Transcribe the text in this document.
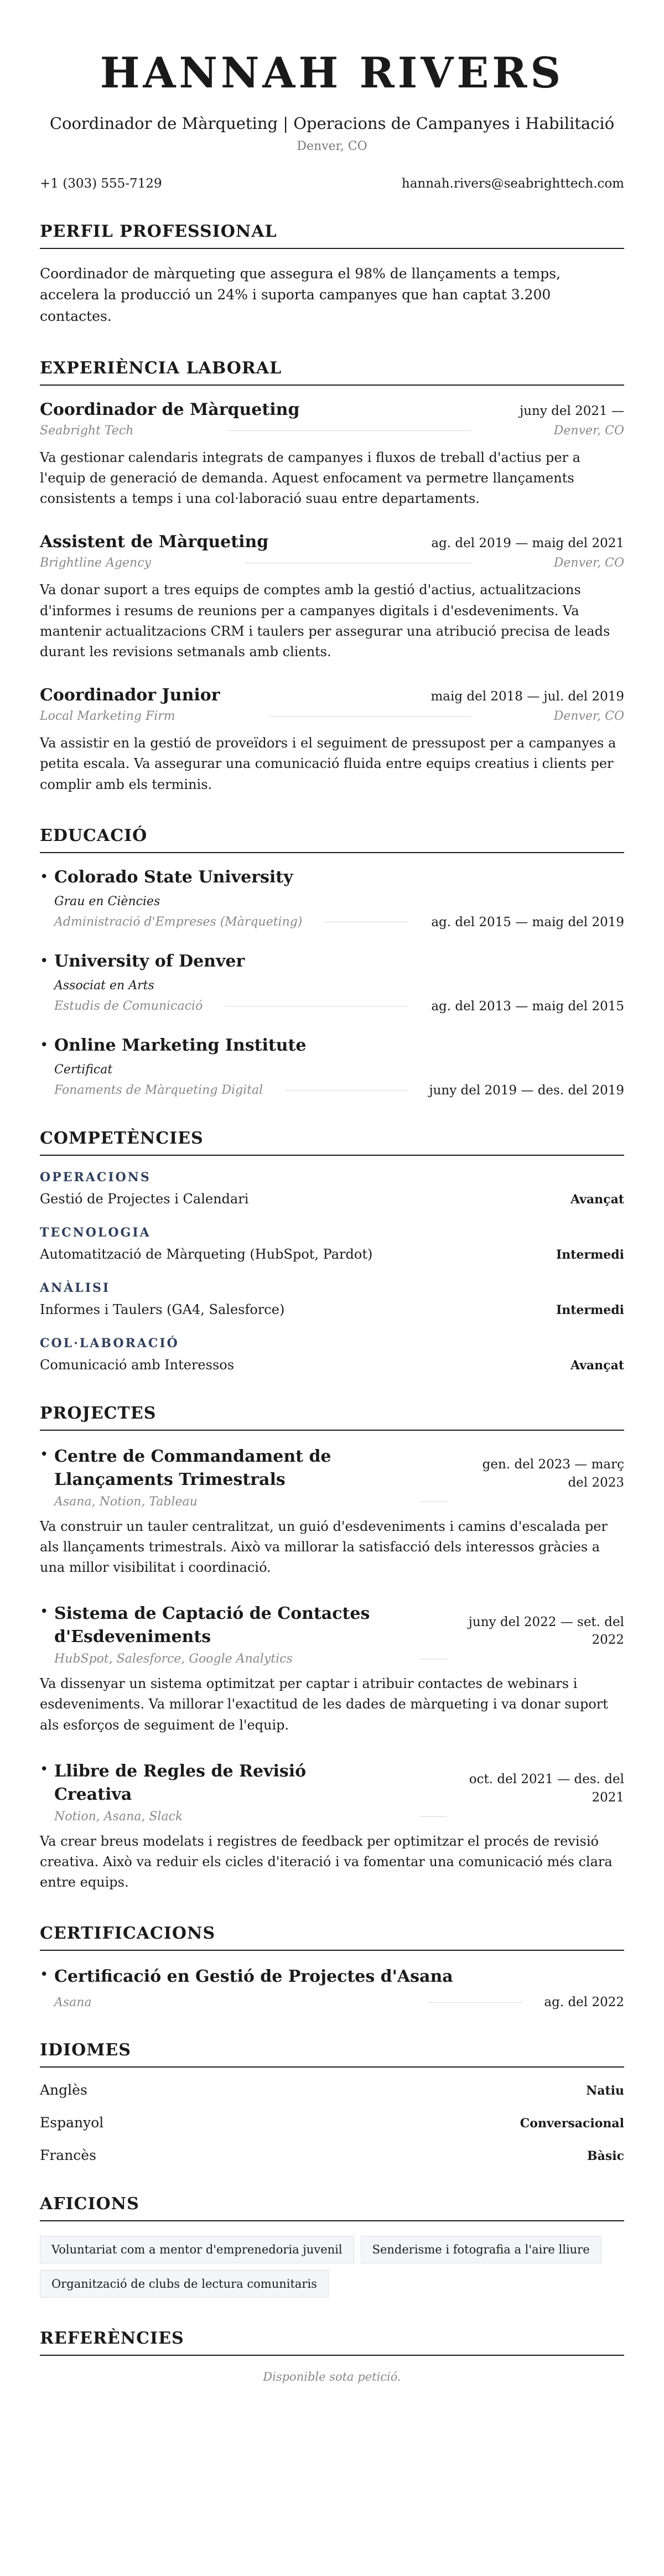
HANNAH RIVERS
Coordinador de Màrqueting | Operacions de Campanyes i Habilitació
Denver, CO
+1 (303) 555-7129	hannah.rivers@seabrighttech.com
PERFIL PROFESSIONAL

Coordinador de màrqueting que assegura el 98% de llançaments a temps, accelera la producció un 24% i suporta campanyes que han captat 3.200 contactes.

EXPERIÈNCIA LABORAL
Coordinador de Màrqueting	juny del 2021 —
Seabright Tech	Denver, CO

Va gestionar calendaris integrats de campanyes i fluxos de treball d'actius per a l'equip de generació de demanda. Aquest enfocament va permetre llançaments consistents a temps i una col·laboració suau entre departaments.

Assistent de Màrqueting	ag. del 2019 — maig del 2021
Brightline Agency	Denver, CO

Va donar suport a tres equips de comptes amb la gestió d'actius, actualitzacions d'informes i resums de reunions per a campanyes digitals i d'esdeveniments. Va mantenir actualitzacions CRM i taulers per assegurar una atribució precisa de leads durant les revisions setmanals amb clients.

Coordinador Junior	maig del 2018 — jul. del 2019
Local Marketing Firm	Denver, CO

Va assistir en la gestió de proveïdors i el seguiment de pressupost per a campanyes a petita escala. Va assegurar una comunicació fluida entre equips creatius i clients per complir amb els terminis.

EDUCACIÓ
• Colorado State University
Grau en Ciències
Administració d'Empreses (Màrqueting)	ag. del 2015 — maig del 2019
• University of Denver
Associat en Arts
Estudis de Comunicació	ag. del 2013 — maig del 2015
• Online Marketing Institute
Certificat
Fonaments de Màrqueting Digital	juny del 2019 — des. del 2019
COMPETÈNCIES
OPERACIONS
Gestió de Projectes i Calendari	Avançat
TECNOLOGIA
Automatització de Màrqueting (HubSpot, Pardot)	Intermedi
ANÀLISI
Informes i Taulers (GA4, Salesforce)	Intermedi
COL·LABORACIÓ
Comunicació amb Interessos	Avançat
PROJECTES
• Centre de Commandament de Llançaments Trimestrals
gen. del 2023 — març del 2023
Asana, Notion, Tableau

Va construir un tauler centralitzat, un guió d'esdeveniments i camins d'escalada per als llançaments trimestrals. Això va millorar la satisfacció dels interessos gràcies a una millor visibilitat i coordinació.

• Sistema de Captació de Contactes d'Esdeveniments
juny del 2022 — set. del 2022
HubSpot, Salesforce, Google Analytics

Va dissenyar un sistema optimitzat per captar i atribuir contactes de webinars i esdeveniments. Va millorar l'exactitud de les dades de màrqueting i va donar suport als esforços de seguiment de l'equip.

• Llibre de Regles de Revisió Creativa
oct. del 2021 — des. del 2021
Notion, Asana, Slack

Va crear breus modelats i registres de feedback per optimitzar el procés de revisió creativa. Això va reduir els cicles d'iteració i va fomentar una comunicació més clara entre equips.

CERTIFICACIONS
• Certificació en Gestió de Projectes d'Asana
Asana	ag. del 2022
IDIOMES
Anglès	Natiu
Espanyol	Conversacional
Francès	Bàsic
AFICIONS
Voluntariat com a mentor d'emprenedoria juvenil	Senderisme i fotografia a l'aire lliure
Organització de clubs de lectura comunitaris
REFERÈNCIES

Disponible sota petició.
